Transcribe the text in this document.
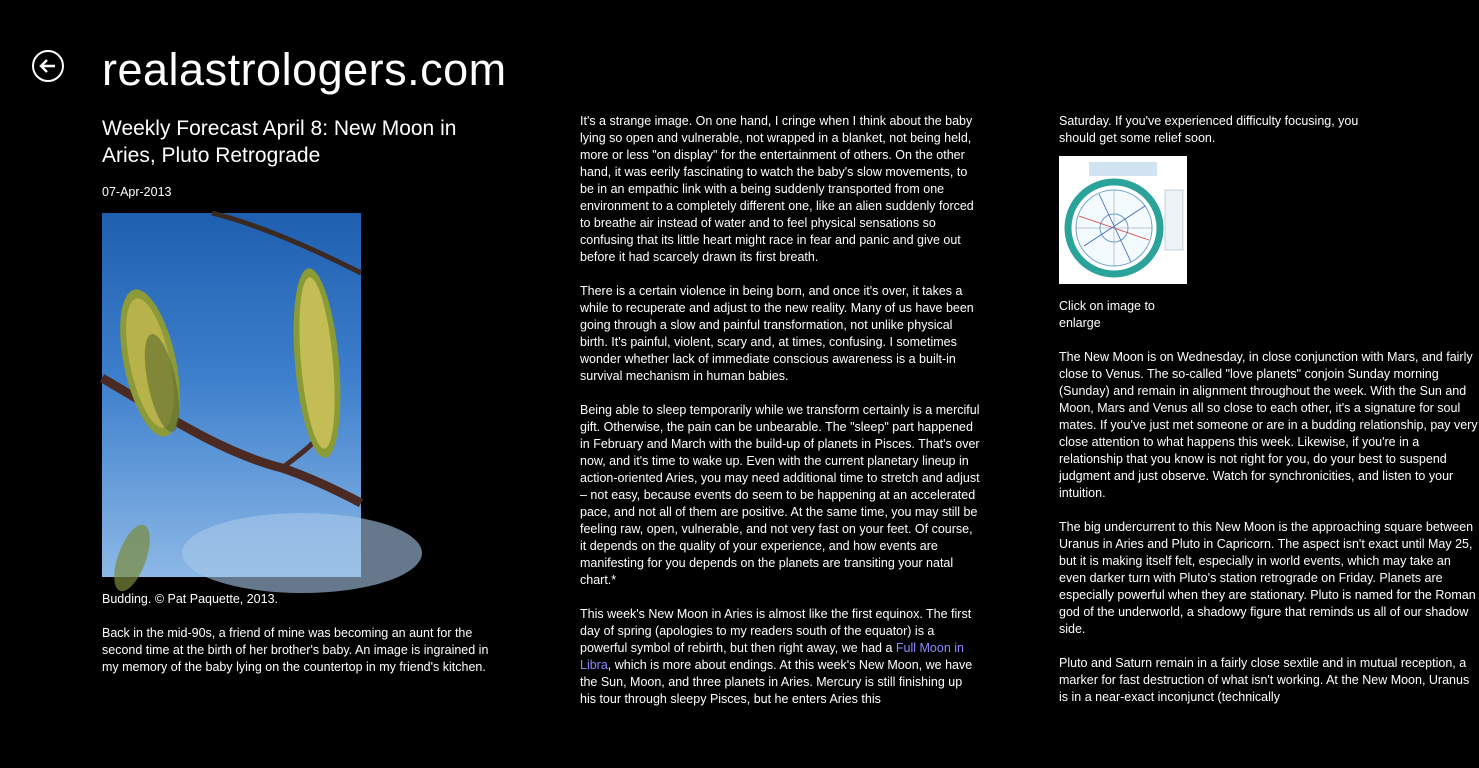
realastrologers.com
Weekly Forecast April 8: New Moon in Aries, Pluto Retrograde
07-Apr-2013
Budding. © Pat Paquette, 2013.

Back in the mid-90s, a friend of mine was becoming an aunt for the second time at the birth of her brother's baby. An image is ingrained in my memory of the baby lying on the countertop in my friend's kitchen.

It's a strange image. On one hand, I cringe when I think about the baby lying so open and vulnerable, not wrapped in a blanket, not being held, more or less "on display" for the entertainment of others. On the other hand, it was eerily fascinating to watch the baby's slow movements, to be in an empathic link with a being suddenly transported from one environment to a completely different one, like an alien suddenly forced to breathe air instead of water and to feel physical sensations so confusing that its little heart might race in fear and panic and give out before it had scarcely drawn its first breath.

There is a certain violence in being born, and once it's over, it takes a while to recuperate and adjust to the new reality. Many of us have been going through a slow and painful transformation, not unlike physical birth. It's painful, violent, scary and, at times, confusing. I sometimes wonder whether lack of immediate conscious awareness is a built-in survival mechanism in human babies.

Being able to sleep temporarily while we transform certainly is a merciful gift. Otherwise, the pain can be unbearable. The "sleep" part happened in February and March with the build-up of planets in Pisces. That's over now, and it's time to wake up. Even with the current planetary lineup in action-oriented Aries, you may need additional time to stretch and adjust – not easy, because events do seem to be happening at an accelerated pace, and not all of them are positive. At the same time, you may still be feeling raw, open, vulnerable, and not very fast on your feet. Of course, it depends on the quality of your experience, and how events are manifesting for you depends on the planets are transiting your natal chart.*

This week's New Moon in Aries is almost like the first equinox. The first day of spring (apologies to my readers south of the equator) is a powerful symbol of rebirth, but then right away, we had a Full Moon in Libra, which is more about endings. At this week's New Moon, we have the Sun, Moon, and three planets in Aries. Mercury is still finishing up his tour through sleepy Pisces, but he enters Aries this

Saturday. If you've experienced difficulty focusing, you should get some relief soon.

Click on image to enlarge

The New Moon is on Wednesday, in close conjunction with Mars, and fairly close to Venus. The so-called "love planets" conjoin Sunday morning (Sunday) and remain in alignment throughout the week. With the Sun and Moon, Mars and Venus all so close to each other, it's a signature for soul mates. If you've just met someone or are in a budding relationship, pay very close attention to what happens this week. Likewise, if you're in a relationship that you know is not right for you, do your best to suspend judgment and just observe. Watch for synchronicities, and listen to your intuition.

The big undercurrent to this New Moon is the approaching square between Uranus in Aries and Pluto in Capricorn. The aspect isn't exact until May 25, but it is making itself felt, especially in world events, which may take an even darker turn with Pluto's station retrograde on Friday. Planets are especially powerful when they are stationary. Pluto is named for the Roman god of the underworld, a shadowy figure that reminds us all of our shadow side.

Pluto and Saturn remain in a fairly close sextile and in mutual reception, a marker for fast destruction of what isn't working. At the New Moon, Uranus is in a near-exact inconjunct (technically
